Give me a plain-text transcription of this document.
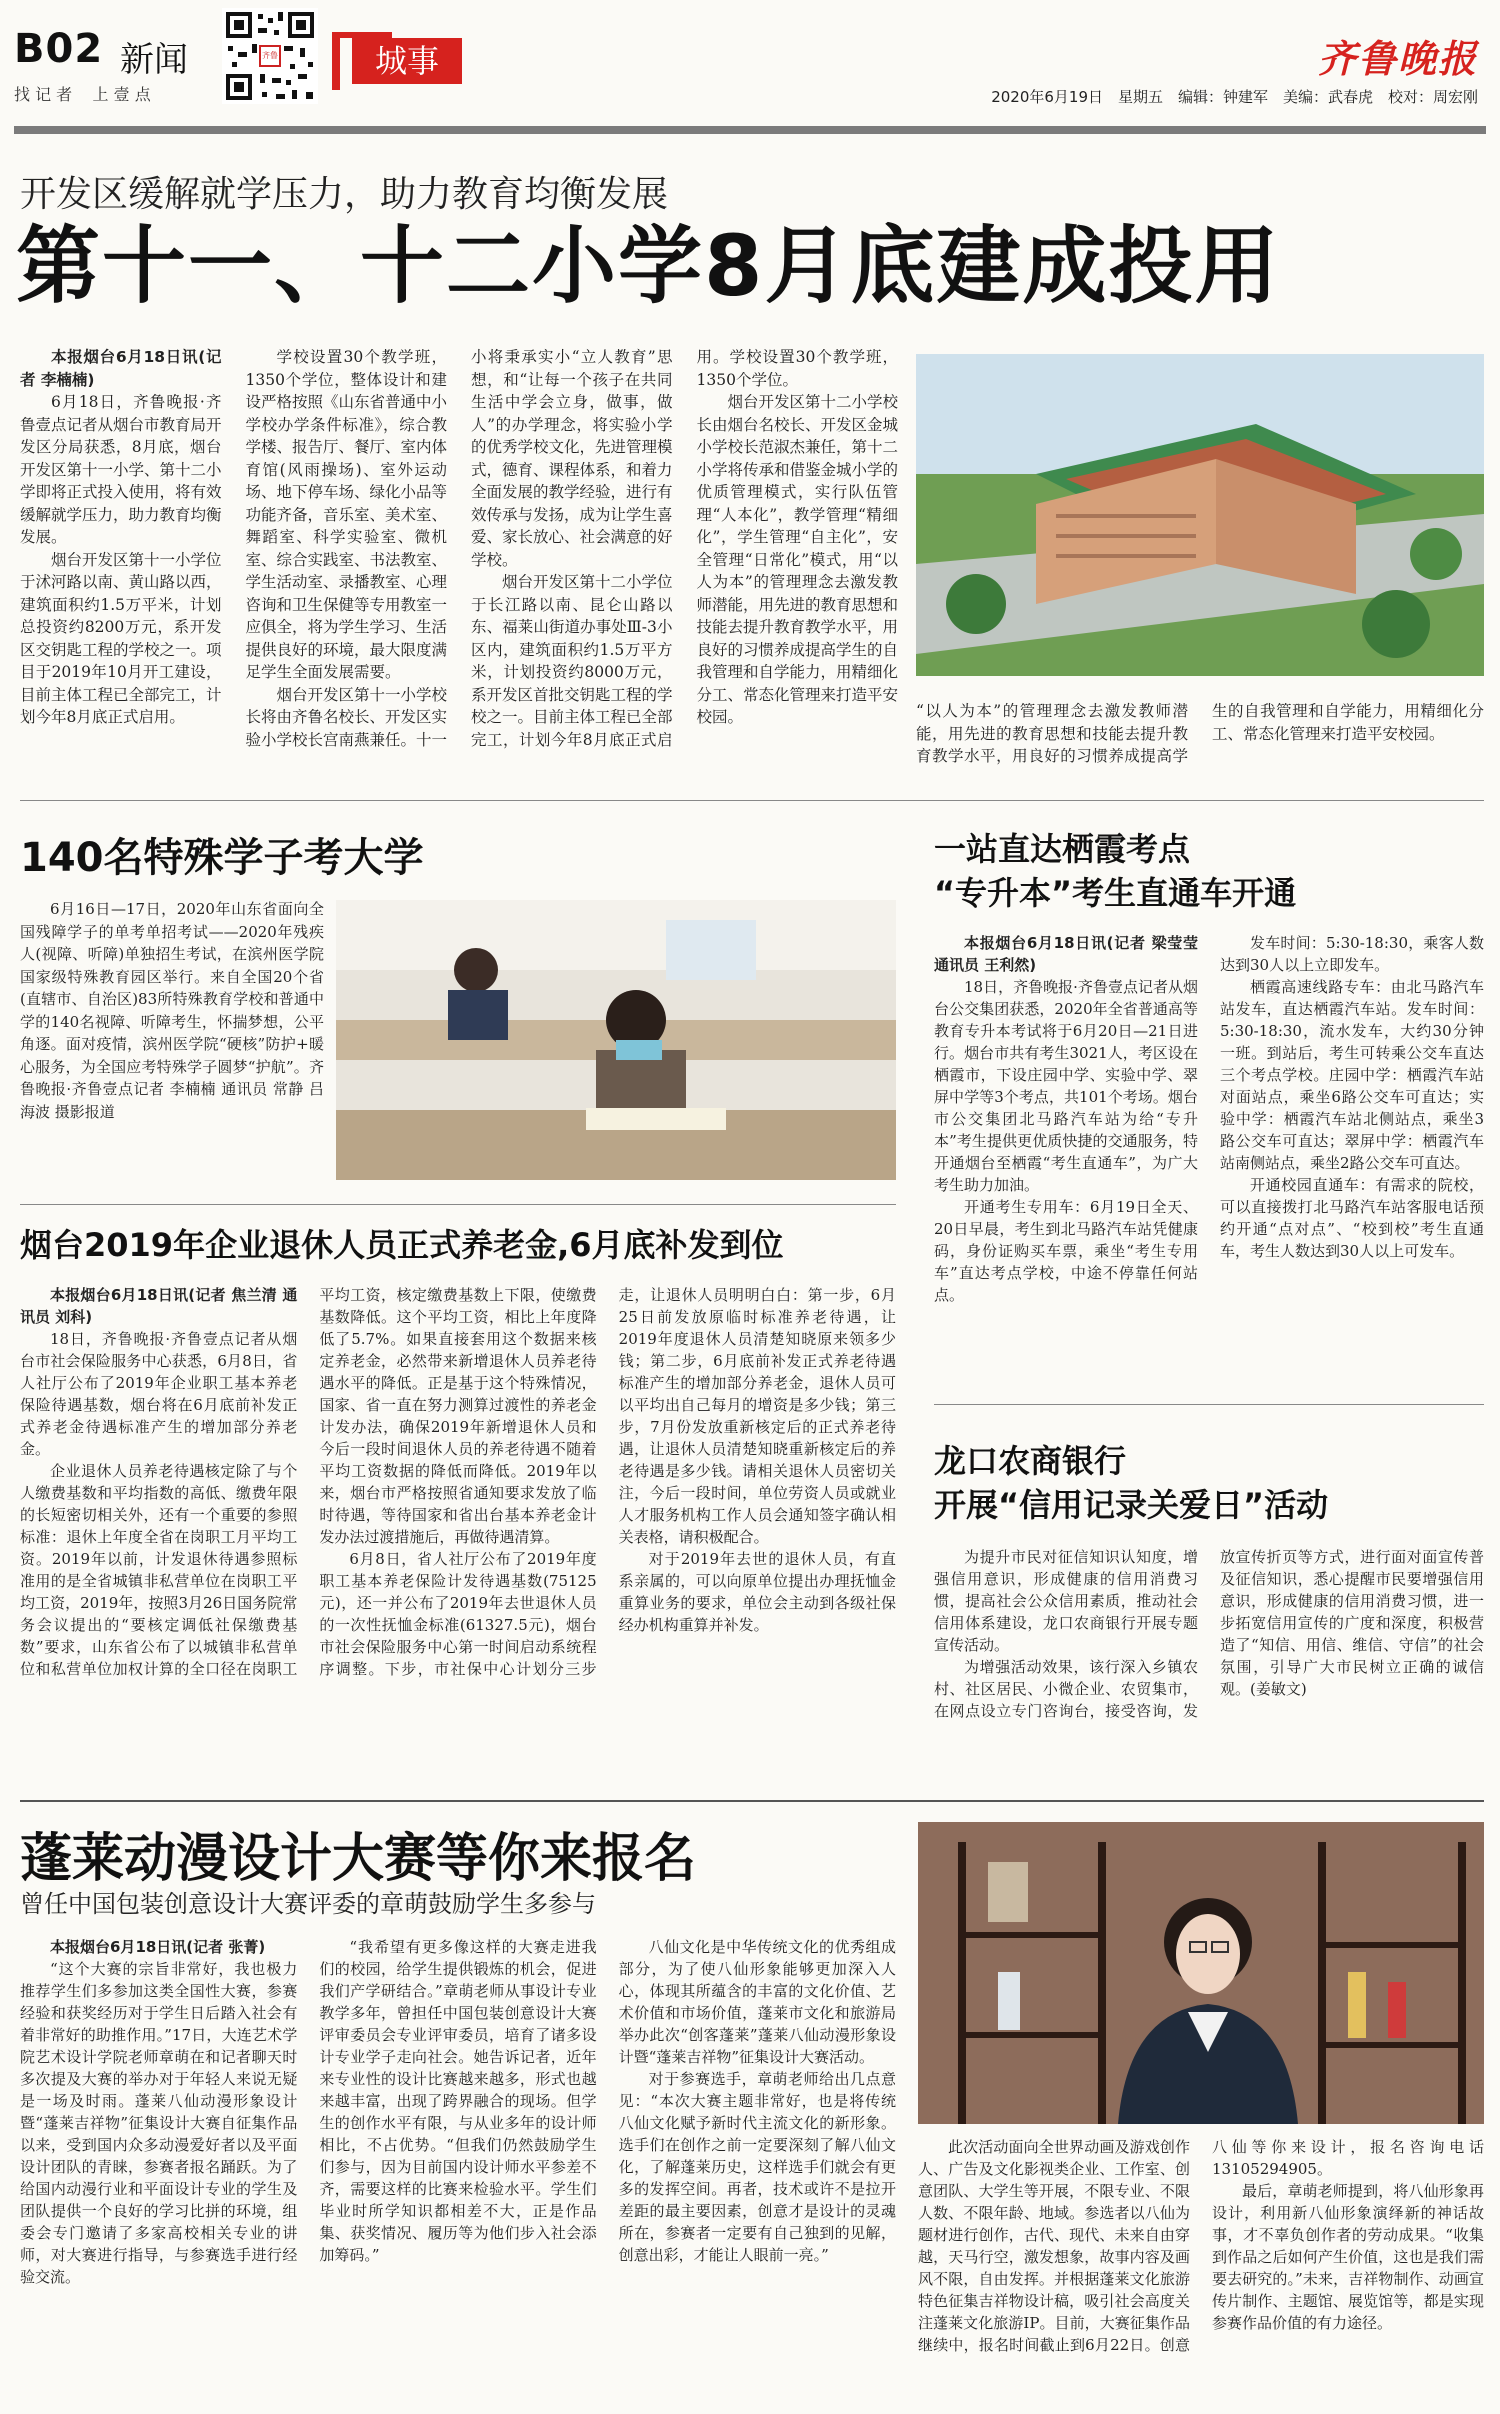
B02 新闻
找 记 者    上 壹 点
齐鲁	城事	齐鲁晚报
2020年6月19日　星期五　编辑：钟建军　美编：武春虎　校对：周宏刚
开发区缓解就学压力，助力教育均衡发展
第十一、十二小学8月底建成投用

本报烟台6月18日讯(记者 李楠楠)

6月18日，齐鲁晚报·齐鲁壹点记者从烟台市教育局开发区分局获悉，8月底，烟台开发区第十一小学、第十二小学即将正式投入使用，将有效缓解就学压力，助力教育均衡发展。

烟台开发区第十一小学位于沭河路以南、黄山路以西，建筑面积约1.5万平米，计划总投资约8200万元，系开发区交钥匙工程的学校之一。项目于2019年10月开工建设，目前主体工程已全部完工，计划今年8月底正式启用。

学校设置30个教学班，1350个学位，整体设计和建设严格按照《山东省普通中小学校办学条件标准》，综合教学楼、报告厅、餐厅、室内体育馆(风雨操场)、室外运动场、地下停车场、绿化小品等功能齐备，音乐室、美术室、舞蹈室、科学实验室、微机室、综合实践室、书法教室、学生活动室、录播教室、心理咨询和卫生保健等专用教室一应俱全，将为学生学习、生活提供良好的环境，最大限度满足学生全面发展需要。

烟台开发区第十一小学校长将由齐鲁名校长、开发区实验小学校长宫南燕兼任。十一小将秉承实小“立人教育”思想，和“让每一个孩子在共同生活中学会立身，做事，做人”的办学理念，将实验小学的优秀学校文化，先进管理模式，德育、课程体系，和着力全面发展的教学经验，进行有效传承与发扬，成为让学生喜爱、家长放心、社会满意的好学校。

烟台开发区第十二小学位于长江路以南、昆仑山路以东、福莱山街道办事处Ⅲ-3小区内，建筑面积约1.5万平方米，计划投资约8000万元，系开发区首批交钥匙工程的学校之一。目前主体工程已全部完工，计划今年8月底正式启用。学校设置30个教学班，1350个学位。

烟台开发区第十二小学校长由烟台名校长、开发区金城小学校长范淑杰兼任，第十二小学将传承和借鉴金城小学的优质管理模式，实行队伍管理“人本化”，教学管理“精细化”，学生管理“自主化”，安全管理“日常化”模式，用“以人为本”的管理理念去激发教师潜能，用先进的教育思想和技能去提升教育教学水平，用良好的习惯养成提高学生的自我管理和自学能力，用精细化分工、常态化管理来打造平安校园。	“以人为本”的管理理念去激发教师潜能，用先进的教育思想和技能去提升教育教学水平，用良好的习惯养成提高学生的自我管理和自学能力，用精细化分工、常态化管理来打造平安校园。

140名特殊学子考大学

6月16日—17日，2020年山东省面向全国残障学子的单考单招考试——2020年残疾人(视障、听障)单独招生考试，在滨州医学院国家级特殊教育园区举行。来自全国20个省(直辖市、自治区)83所特殊教育学校和普通中学的140名视障、听障考生，怀揣梦想，公平角逐。面对疫情，滨州医学院“硬核”防护+暖心服务，为全国应考特殊学子圆梦“护航”。齐鲁晚报·齐鲁壹点记者 李楠楠 通讯员 常静 吕海波 摄影报道

烟台2019年企业退休人员正式养老金,6月底补发到位

本报烟台6月18日讯(记者 焦兰清 通讯员 刘科)

18日，齐鲁晚报·齐鲁壹点记者从烟台市社会保险服务中心获悉，6月8日，省人社厅公布了2019年企业职工基本养老保险待遇基数，烟台将在6月底前补发正式养老金待遇标准产生的增加部分养老金。

企业退休人员养老待遇核定除了与个人缴费基数和平均指数的高低、缴费年限的长短密切相关外，还有一个重要的参照标准：退休上年度全省在岗职工月平均工资。2019年以前，计发退休待遇参照标准用的是全省城镇非私营单位在岗职工平均工资，2019年，按照3月26日国务院常务会议提出的“要核定调低社保缴费基数”要求，山东省公布了以城镇非私营单位和私营单位加权计算的全口径在岗职工平均工资，核定缴费基数上下限，使缴费基数降低。这个平均工资，相比上年度降低了5.7%。如果直接套用这个数据来核定养老金，必然带来新增退休人员养老待遇水平的降低。正是基于这个特殊情况，国家、省一直在努力测算过渡性的养老金计发办法，确保2019年新增退休人员和今后一段时间退休人员的养老待遇不随着平均工资数据的降低而降低。2019年以来，烟台市严格按照省通知要求发放了临时待遇，等待国家和省出台基本养老金计发办法过渡措施后，再做待遇清算。

6月8日，省人社厅公布了2019年度职工基本养老保险计发待遇基数(75125元)，还一并公布了2019年去世退休人员的一次性抚恤金标准(61327.5元)，烟台市社会保险服务中心第一时间启动系统程序调整。下步，市社保中心计划分三步走，让退休人员明明白白：第一步，6月25日前发放原临时标准养老待遇，让2019年度退休人员清楚知晓原来领多少钱；第二步，6月底前补发正式养老待遇标准产生的增加部分养老金，退休人员可以平均出自己每月的增资是多少钱；第三步，7月份发放重新核定后的正式养老待遇，让退休人员清楚知晓重新核定后的养老待遇是多少钱。请相关退休人员密切关注，今后一段时间，单位劳资人员或就业人才服务机构工作人员会通知签字确认相关表格，请积极配合。

对于2019年去世的退休人员，有直系亲属的，可以向原单位提出办理抚恤金重算业务的要求，单位会主动到各级社保经办机构重算并补发。

一站直达栖霞考点
“专升本”考生直通车开通

本报烟台6月18日讯(记者 梁莹莹 通讯员 王利然)

18日，齐鲁晚报·齐鲁壹点记者从烟台公交集团获悉，2020年全省普通高等教育专升本考试将于6月20日—21日进行。烟台市共有考生3021人，考区设在栖霞市，下设庄园中学、实验中学、翠屏中学等3个考点，共101个考场。烟台市公交集团北马路汽车站为给“专升本”考生提供更优质快捷的交通服务，特开通烟台至栖霞“考生直通车”，为广大考生助力加油。

开通考生专用车：6月19日全天、20日早晨，考生到北马路汽车站凭健康码，身份证购买车票，乘坐“考生专用车”直达考点学校，中途不停靠任何站点。

发车时间：5:30-18:30，乘客人数达到30人以上立即发车。

栖霞高速线路专车：由北马路汽车站发车，直达栖霞汽车站。发车时间：5:30-18:30，流水发车，大约30分钟一班。到站后，考生可转乘公交车直达三个考点学校。庄园中学：栖霞汽车站对面站点，乘坐6路公交车可直达；实验中学：栖霞汽车站北侧站点，乘坐3路公交车可直达；翠屏中学：栖霞汽车站南侧站点，乘坐2路公交车可直达。

开通校园直通车：有需求的院校，可以直接拨打北马路汽车站客服电话预约开通“点对点”、“校到校”考生直通车，考生人数达到30人以上可发车。

龙口农商银行
开展“信用记录关爱日”活动

为提升市民对征信知识认知度，增强信用意识，形成健康的信用消费习惯，提高社会公众信用素质，推动社会信用体系建设，龙口农商银行开展专题宣传活动。

为增强活动效果，该行深入乡镇农村、社区居民、小微企业、农贸集市，在网点设立专门咨询台，接受咨询，发放宣传折页等方式，进行面对面宣传普及征信知识，悉心提醒市民要增强信用意识，形成健康的信用消费习惯，进一步拓宽信用宣传的广度和深度，积极营造了“知信、用信、维信、守信”的社会氛围，引导广大市民树立正确的诚信观。(姜敏文)

蓬莱动漫设计大赛等你来报名
曾任中国包装创意设计大赛评委的章萌鼓励学生多参与

本报烟台6月18日讯(记者 张菁)

“这个大赛的宗旨非常好，我也极力推荐学生们多参加这类全国性大赛，参赛经验和获奖经历对于学生日后踏入社会有着非常好的助推作用。”17日，大连艺术学院艺术设计学院老师章萌在和记者聊天时多次提及大赛的举办对于年轻人来说无疑是一场及时雨。蓬莱八仙动漫形象设计暨“蓬莱吉祥物”征集设计大赛自征集作品以来，受到国内众多动漫爱好者以及平面设计团队的青睐，参赛者报名踊跃。为了给国内动漫行业和平面设计专业的学生及团队提供一个良好的学习比拼的环境，组委会专门邀请了多家高校相关专业的讲师，对大赛进行指导，与参赛选手进行经验交流。

“我希望有更多像这样的大赛走进我们的校园，给学生提供锻炼的机会，促进我们产学研结合。”章萌老师从事设计专业教学多年，曾担任中国包装创意设计大赛评审委员会专业评审委员，培育了诸多设计专业学子走向社会。她告诉记者，近年来专业性的设计比赛越来越多，形式也越来越丰富，出现了跨界融合的现场。但学生的创作水平有限，与从业多年的设计师相比，不占优势。“但我们仍然鼓励学生们参与，因为目前国内设计师水平参差不齐，需要这样的比赛来检验水平。学生们毕业时所学知识都相差不大，正是作品集、获奖情况、履历等为他们步入社会添加筹码。”

八仙文化是中华传统文化的优秀组成部分，为了使八仙形象能够更加深入人心，体现其所蕴含的丰富的文化价值、艺术价值和市场价值，蓬莱市文化和旅游局举办此次“创客蓬莱”蓬莱八仙动漫形象设计暨“蓬莱吉祥物”征集设计大赛活动。

对于参赛选手，章萌老师给出几点意见：“本次大赛主题非常好，也是将传统八仙文化赋予新时代主流文化的新形象。选手们在创作之前一定要深刻了解八仙文化，了解蓬莱历史，这样选手们就会有更多的发挥空间。再者，技术或许不是拉开差距的最主要因素，创意才是设计的灵魂所在，参赛者一定要有自己独到的见解，创意出彩，才能让人眼前一亮。”

此次活动面向全世界动画及游戏创作人、广告及文化影视类企业、工作室、创意团队、大学生等开展，不限专业、不限人数、不限年龄、地域。参选者以八仙为题材进行创作，古代、现代、未来自由穿越，天马行空，激发想象，故事内容及画风不限，自由发挥。并根据蓬莱文化旅游特色征集吉祥物设计稿，吸引社会高度关注蓬莱文化旅游IP。目前，大赛征集作品继续中，报名时间截止到6月22日。创意八仙等你来设计，报名咨询电话13105294905。

最后，章萌老师提到，将八仙形象再设计，利用新八仙形象演绎新的神话故事，才不辜负创作者的劳动成果。“收集到作品之后如何产生价值，这也是我们需要去研究的。”未来，吉祥物制作、动画宣传片制作、主题馆、展览馆等，都是实现参赛作品价值的有力途径。
